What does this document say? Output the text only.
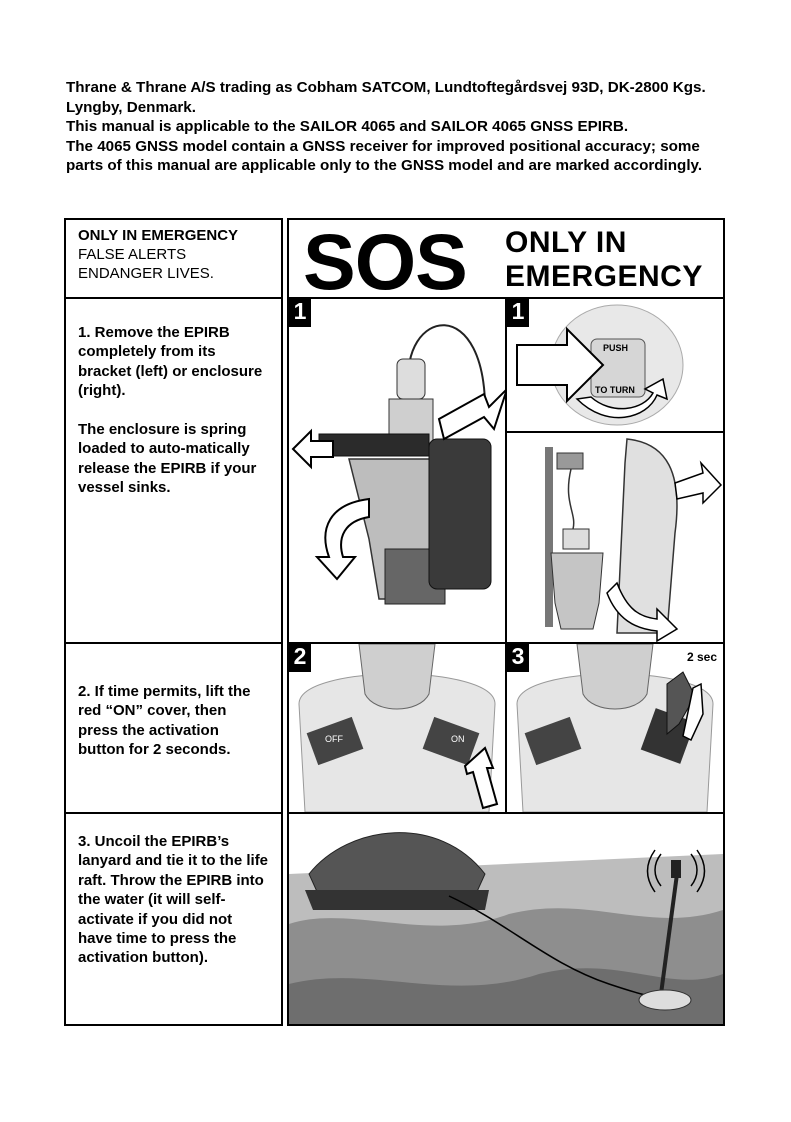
Thrane & Thrane A/S trading as Cobham SATCOM, Lundtoftegårdsvej 93D, DK-2800 Kgs. Lyngby, Denmark.

This manual is applicable to the SAILOR 4065 and SAILOR 4065 GNSS EPIRB.

The 4065 GNSS model contain a GNSS receiver for improved positional accuracy; some parts of this manual are applicable only to the GNSS model and are marked accordingly.

ONLY IN EMERGENCY
FALSE ALERTS ENDANGER LIVES.

1. Remove the EPIRB completely from its bracket (left) or enclosure (right).

The enclosure is spring loaded to auto-matically release the EPIRB if your vessel sinks.

2. If time permits, lift the red “ON” cover, then press the activation button for 2 seconds.

3. Uncoil the EPIRB’s lanyard and tie it to the life raft. Throw the EPIRB into the water (it will self-activate if you did not have time to press the activation button).

SOS ONLY IN
EMERGENCY
1	1
PUSH
TO TURN
2
OFF	ON
3	2 sec
